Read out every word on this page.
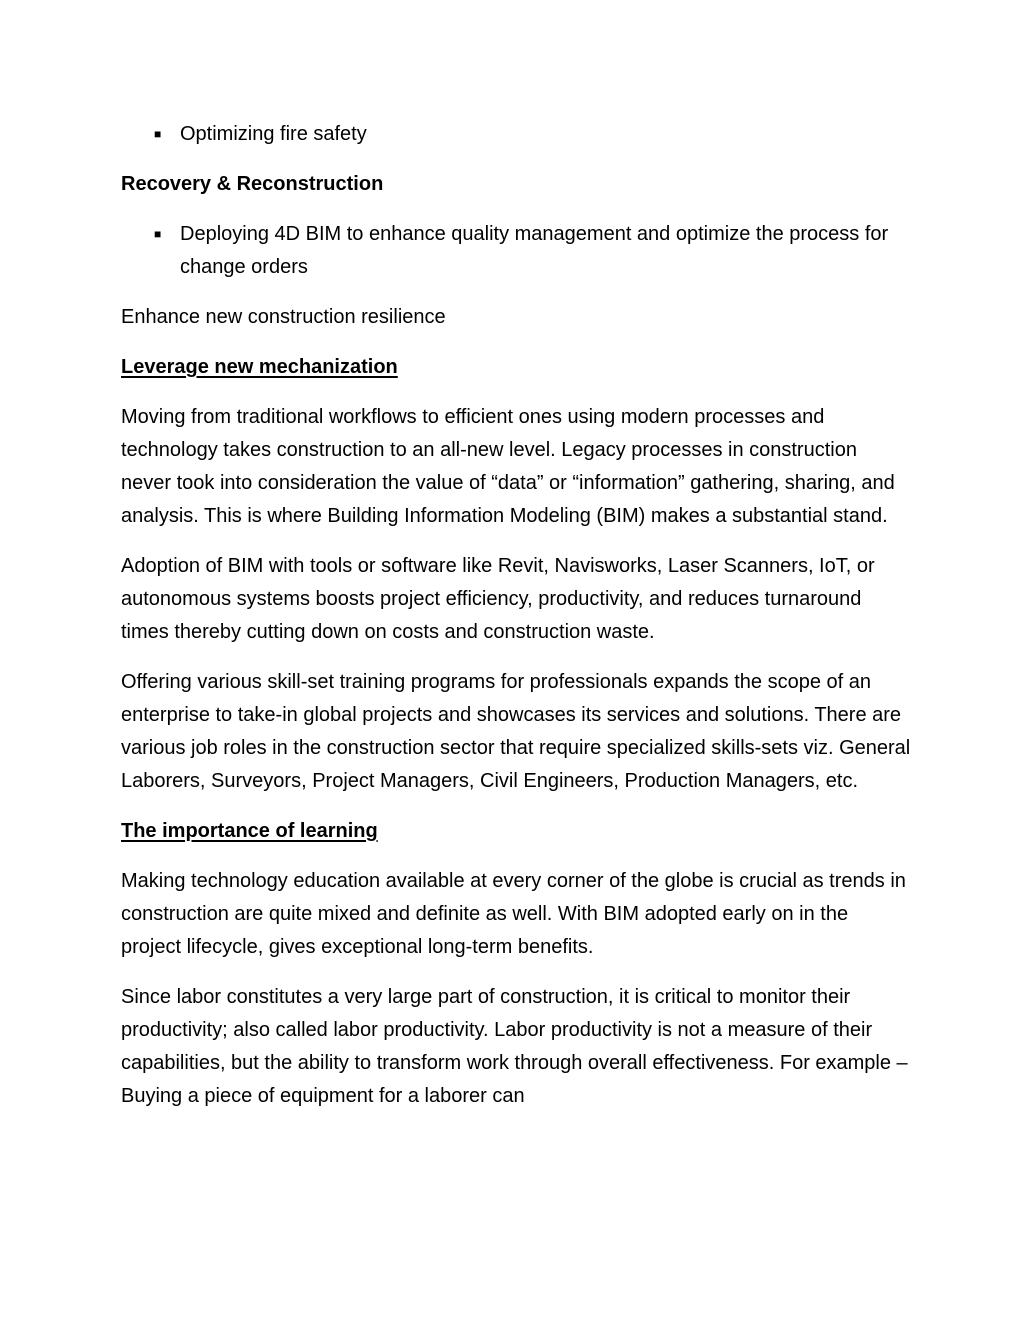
■ Optimizing fire safety
Recovery & Reconstruction
■ Deploying 4D BIM to enhance quality management and optimize the process for change orders
Enhance new construction resilience
Leverage new mechanization

Moving from traditional workflows to efficient ones using modern processes and technology takes construction to an all-new level. Legacy processes in construction never took into consideration the value of “data” or “information” gathering, sharing, and analysis. This is where Building Information Modeling (BIM) makes a substantial stand.

Adoption of BIM with tools or software like Revit, Navisworks, Laser Scanners, IoT, or autonomous systems boosts project efficiency, productivity, and reduces turnaround times thereby cutting down on costs and construction waste.

Offering various skill-set training programs for professionals expands the scope of an enterprise to take-in global projects and showcases its services and solutions. There are various job roles in the construction sector that require specialized skills-sets viz. General Laborers, Surveyors, Project Managers, Civil Engineers, Production Managers, etc.

The importance of learning

Making technology education available at every corner of the globe is crucial as trends in construction are quite mixed and definite as well. With BIM adopted early on in the project lifecycle, gives exceptional long-term benefits.

Since labor constitutes a very large part of construction, it is critical to monitor their productivity; also called labor productivity. Labor productivity is not a measure of their capabilities, but the ability to transform work through overall effectiveness. For example – Buying a piece of equipment for a laborer can
